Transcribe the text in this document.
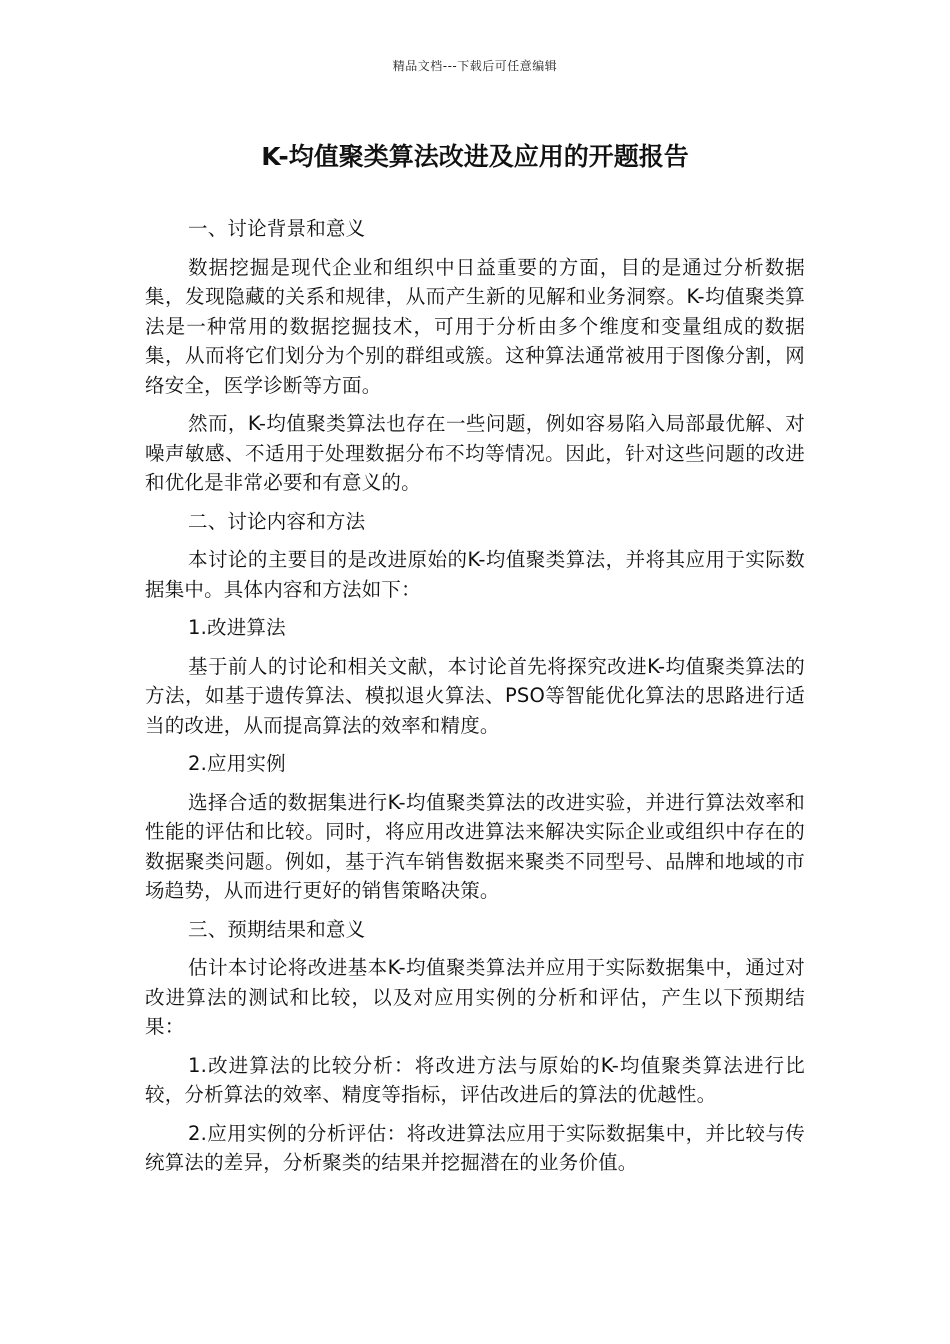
精品文档---下载后可任意编辑
K-均值聚类算法改进及应用的开题报告

一、讨论背景和意义

数据挖掘是现代企业和组织中日益重要的方面，目的是通过分析数据集，发现隐藏的关系和规律，从而产生新的见解和业务洞察。K-均值聚类算法是一种常用的数据挖掘技术，可用于分析由多个维度和变量组成的数据集，从而将它们划分为个别的群组或簇。这种算法通常被用于图像分割，网络安全，医学诊断等方面。

然而，K-均值聚类算法也存在一些问题，例如容易陷入局部最优解、对噪声敏感、不适用于处理数据分布不均等情况。因此，针对这些问题的改进和优化是非常必要和有意义的。

二、讨论内容和方法

本讨论的主要目的是改进原始的K-均值聚类算法，并将其应用于实际数据集中。具体内容和方法如下：

1.改进算法

基于前人的讨论和相关文献，本讨论首先将探究改进K-均值聚类算法的方法，如基于遗传算法、模拟退火算法、PSO等智能优化算法的思路进行适当的改进，从而提高算法的效率和精度。

2.应用实例

选择合适的数据集进行K-均值聚类算法的改进实验，并进行算法效率和性能的评估和比较。同时，将应用改进算法来解决实际企业或组织中存在的数据聚类问题。例如，基于汽车销售数据来聚类不同型号、品牌和地域的市场趋势，从而进行更好的销售策略决策。

三、预期结果和意义

估计本讨论将改进基本K-均值聚类算法并应用于实际数据集中，通过对改进算法的测试和比较，以及对应用实例的分析和评估，产生以下预期结果：

1.改进算法的比较分析：将改进方法与原始的K-均值聚类算法进行比较，分析算法的效率、精度等指标，评估改进后的算法的优越性。

2.应用实例的分析评估：将改进算法应用于实际数据集中，并比较与传统算法的差异，分析聚类的结果并挖掘潜在的业务价值。
